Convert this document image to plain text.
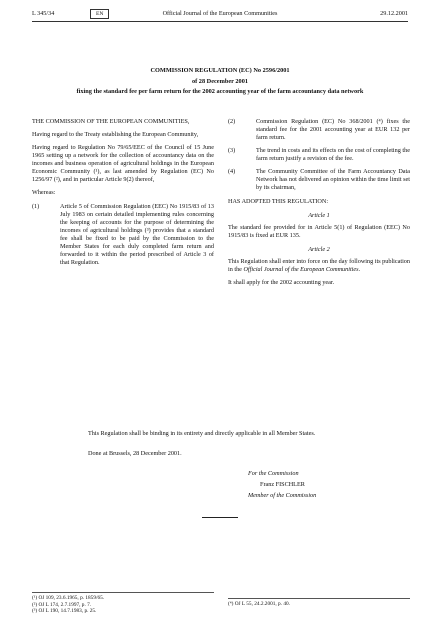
L 345/34	EN	Official Journal of the European Communities	29.12.2001
COMMISSION REGULATION (EC) No 2596/2001
of 28 December 2001
fixing the standard fee per farm return for the 2002 accounting year of the farm accountancy data network

THE COMMISSION OF THE EUROPEAN COMMUNITIES,

Having regard to the Treaty establishing the European Community,

Having regard to Regulation No 79/65/EEC of the Council of 15 June 1965 setting up a network for the collection of accountancy data on the incomes and business operation of agricultural holdings in the European Economic Community (¹), as last amended by Regulation (EC) No 1256/97 (²), and in particular Article 9(2) thereof,

Whereas:

(1)	Article 5 of Commission Regulation (EEC) No 1915/83 of 13 July 1983 on certain detailed implementing rules concerning the keeping of accounts for the purpose of determining the incomes of agricultural holdings (³) provides that a standard fee shall be fixed to be paid by the Commission to the Member States for each duly completed farm return and forwarded to it within the period prescribed of Article 3 of that Regulation.
(2)	Commission Regulation (EC) No 368/2001 (⁴) fixes the standard fee for the 2001 accounting year at EUR 132 per farm return.
(3)	The trend in costs and its effects on the cost of completing the farm return justify a revision of the fee.
(4)	The Community Committee of the Farm Accountancy Data Network has not delivered an opinion within the time limit set by its chairman,

HAS ADOPTED THIS REGULATION:

Article 1

The standard fee provided for in Article 5(1) of Regulation (EEC) No 1915/83 is fixed at EUR 135.

Article 2

This Regulation shall enter into force on the day following its publication in the Official Journal of the European Communities.

It shall apply for the 2002 accounting year.

This Regulation shall be binding in its entirety and directly applicable in all Member States.

Done at Brussels, 28 December 2001.

For the Commission
Franz FISCHLER
Member of the Commission
(¹) OJ 109, 23.6.1965, p. 1859/65.
(²) OJ L 174, 2.7.1997, p. 7.
(³) OJ L 190, 14.7.1983, p. 25.
(⁴) OJ L 55, 24.2.2001, p. 40.
